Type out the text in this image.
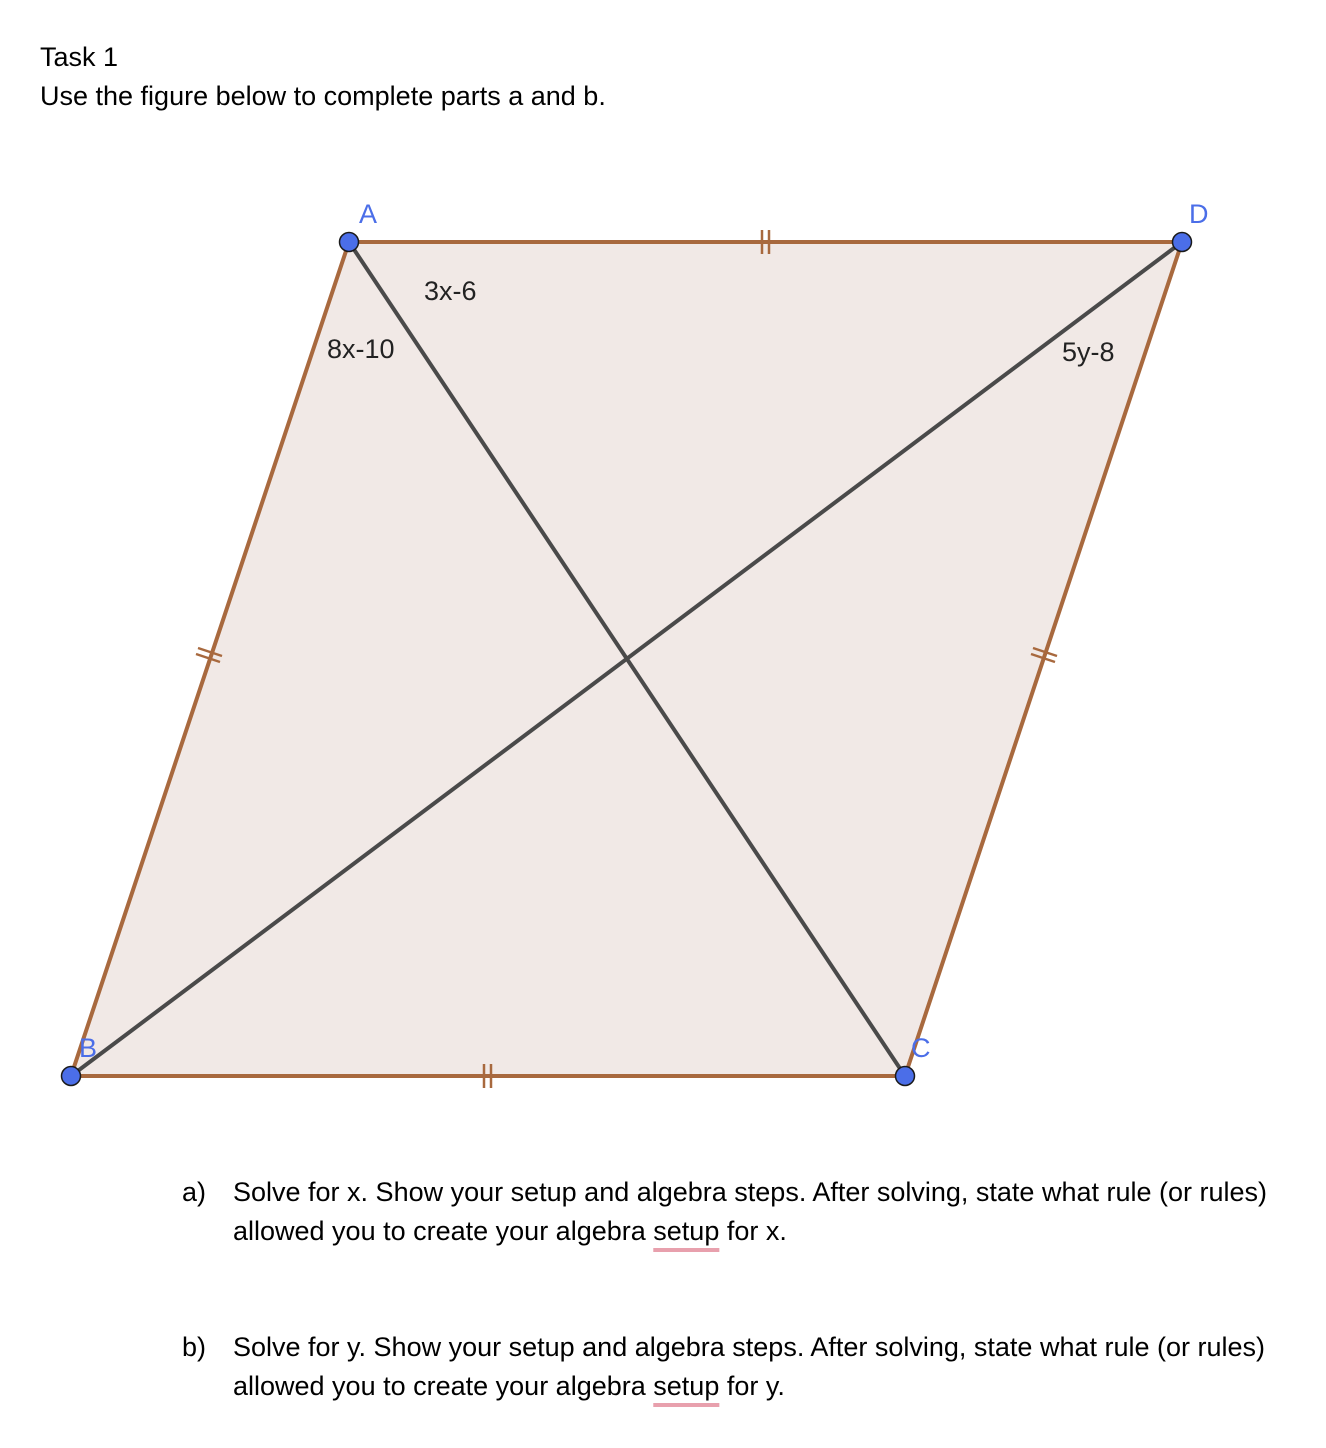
Task 1
Use the figure below to complete parts a and b.
A	D
C
B
3x-6
8x-10	5y-8
a) Solve for x. Show your setup and algebra steps. After solving, state what rule (or rules) allowed you to create your algebra setup for x.
b) Solve for y. Show your setup and algebra steps. After solving, state what rule (or rules) allowed you to create your algebra setup for y.
